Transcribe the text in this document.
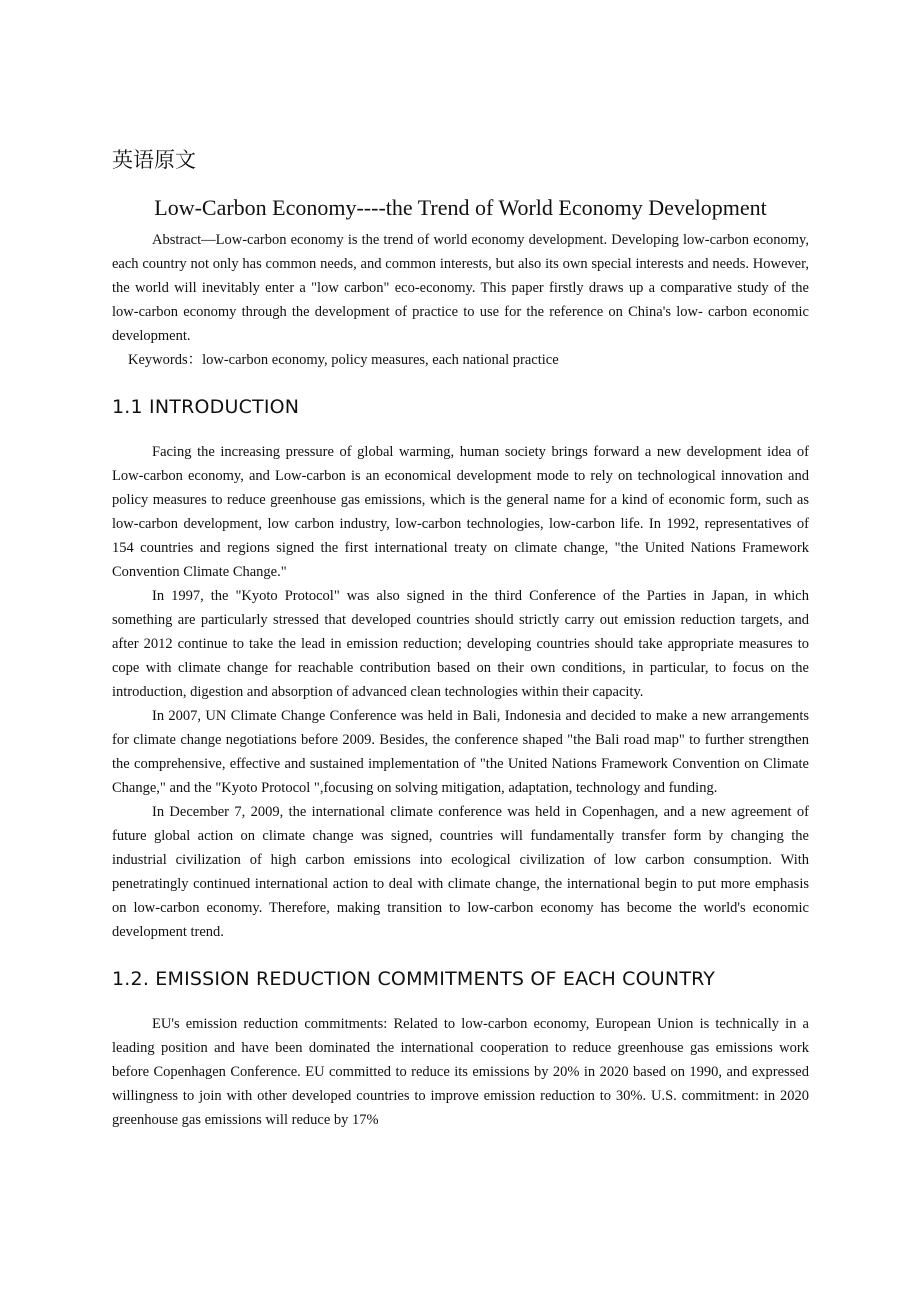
英语原文
Low-Carbon Economy----the Trend of World Economy Development

Abstract—Low-carbon economy is the trend of world economy development. Developing low-carbon economy, each country not only has common needs, and common interests, but also its own special interests and needs. However, the world will inevitably enter a "low carbon" eco-economy. This paper firstly draws up a comparative study of the low-carbon economy through the development of practice to use for the reference on China's low- carbon economic development.

Keywords：low-carbon economy, policy measures, each national practice

1.1 INTRODUCTION

Facing the increasing pressure of global warming, human society brings forward a new development idea of Low-carbon economy, and Low-carbon is an economical development mode to rely on technological innovation and policy measures to reduce greenhouse gas emissions, which is the general name for a kind of economic form, such as low-carbon development, low carbon industry, low-carbon technologies, low-carbon life. In 1992, representatives of 154 countries and regions signed the first international treaty on climate change, "the United Nations Framework Convention Climate Change."

In 1997, the "Kyoto Protocol" was also signed in the third Conference of the Parties in Japan, in which something are particularly stressed that developed countries should strictly carry out emission reduction targets, and after 2012 continue to take the lead in emission reduction; developing countries should take appropriate measures to cope with climate change for reachable contribution based on their own conditions, in particular, to focus on the introduction, digestion and absorption of advanced clean technologies within their capacity.

In 2007, UN Climate Change Conference was held in Bali, Indonesia and decided to make a new arrangements for climate change negotiations before 2009. Besides, the conference shaped "the Bali road map" to further strengthen the comprehensive, effective and sustained implementation of "the United Nations Framework Convention on Climate Change," and the "Kyoto Protocol ",focusing on solving mitigation, adaptation, technology and funding.

In December 7, 2009, the international climate conference was held in Copenhagen, and a new agreement of future global action on climate change was signed, countries will fundamentally transfer form by changing the industrial civilization of high carbon emissions into ecological civilization of low carbon consumption. With penetratingly continued international action to deal with climate change, the international begin to put more emphasis on low-carbon economy. Therefore, making transition to low-carbon economy has become the world's economic development trend.

1.2. EMISSION REDUCTION COMMITMENTS OF EACH COUNTRY

EU's emission reduction commitments: Related to low-carbon economy, European Union is technically in a leading position and have been dominated the international cooperation to reduce greenhouse gas emissions work before Copenhagen Conference. EU committed to reduce its emissions by 20% in 2020 based on 1990, and expressed willingness to join with other developed countries to improve emission reduction to 30%. U.S. commitment: in 2020 greenhouse gas emissions will reduce by 17%
